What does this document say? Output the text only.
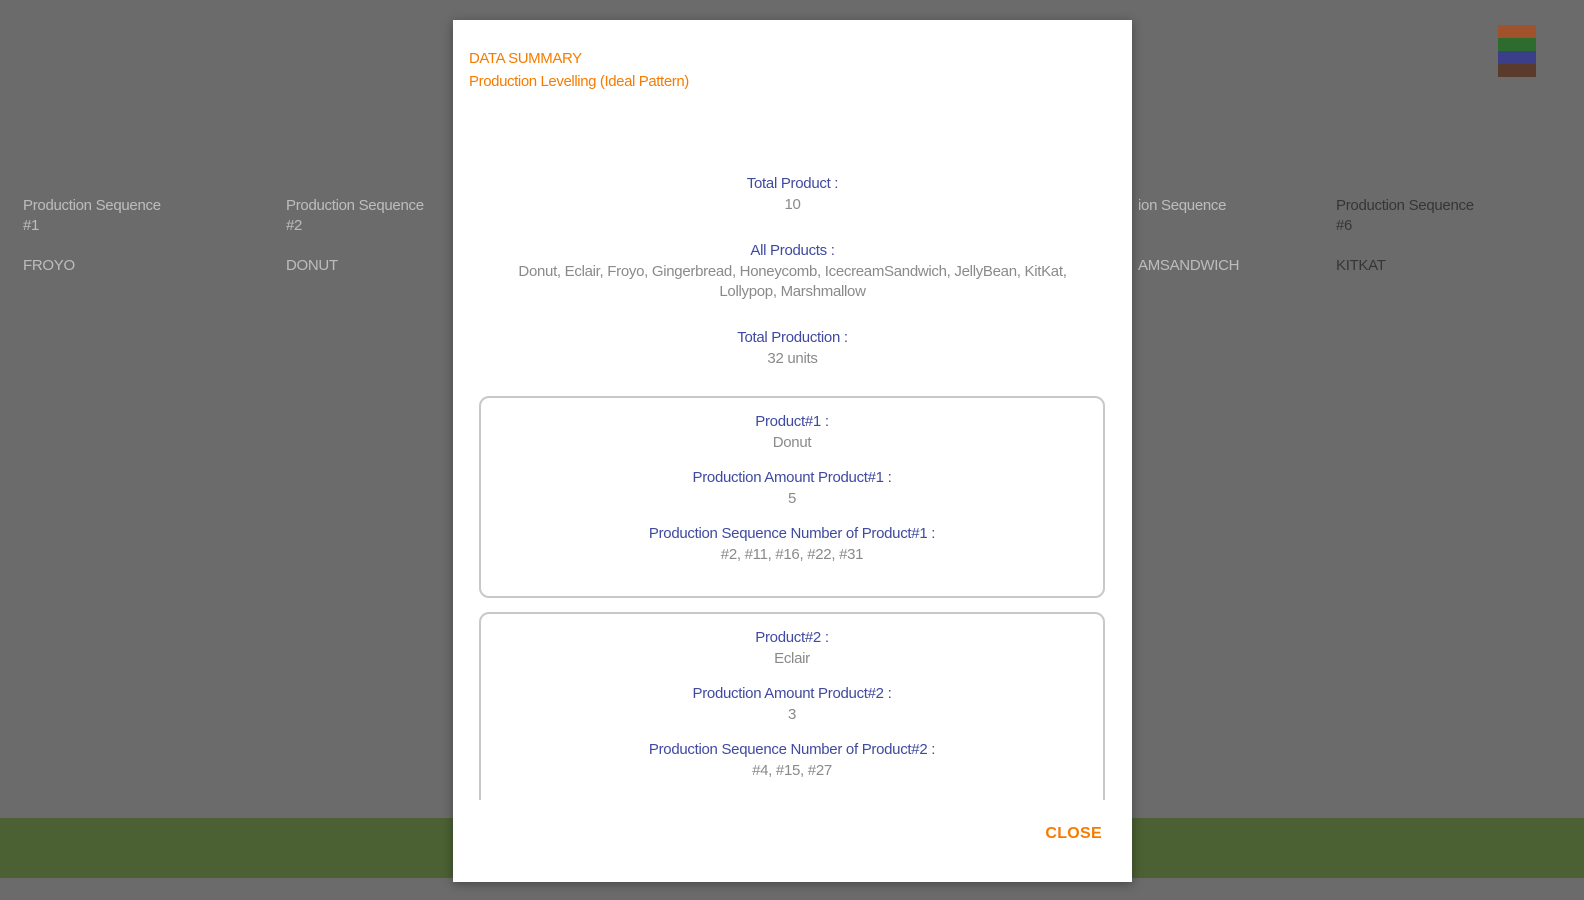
Production Sequence
#1
FROYO
Production Sequence
#2
DONUT
ion Sequence

AMSANDWICH
Production Sequence
#6
KITKAT
DATA SUMMARY
Production Levelling (Ideal Pattern)
Total Product :
10
All Products :
Donut, Eclair, Froyo, Gingerbread, Honeycomb, IcecreamSandwich, JellyBean, KitKat, Lollypop, Marshmallow
Total Production :
32 units
Product#1 :
Donut
Production Amount Product#1 :
5
Production Sequence Number of Product#1 :
#2, #11, #16, #22, #31
Product#2 :
Eclair
Production Amount Product#2 :
3
Production Sequence Number of Product#2 :
#4, #15, #27
CLOSE
